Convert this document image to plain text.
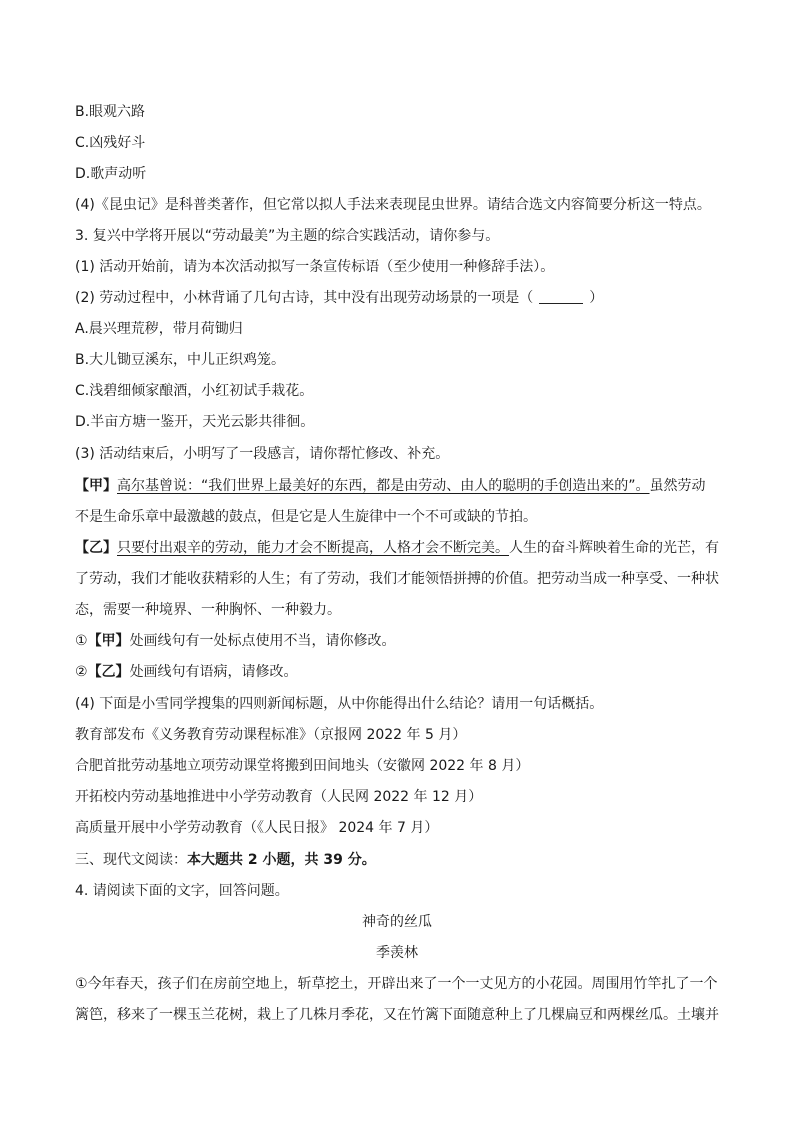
B.眼观六路
C.凶残好斗
D.歌声动听
(4)《昆虫记》是科普类著作，但它常以拟人手法来表现昆虫世界。请结合选文内容简要分析这一特点。
3. 复兴中学将开展以“劳动最美”为主题的综合实践活动，请你参与。
(1) 活动开始前，请为本次活动拟写一条宣传标语（至少使用一种修辞手法）。
(2) 劳动过程中，小林背诵了几句古诗，其中没有出现劳动场景的一项是（	）
A.晨兴理荒秽，带月荷锄归
B.大儿锄豆溪东，中儿正织鸡笼。
C.浅碧细倾家酿酒，小红初试手栽花。
D.半亩方塘一鉴开，天光云影共徘徊。
(3) 活动结束后，小明写了一段感言，请你帮忙修改、补充。
【甲】高尔基曾说：“我们世界上最美好的东西，都是由劳动、由人的聪明的手创造出来的”。虽然劳动
不是生命乐章中最激越的鼓点，但是它是人生旋律中一个不可或缺的节拍。
【乙】只要付出艰辛的劳动，能力才会不断提高，人格才会不断完美。人生的奋斗辉映着生命的光芒，有
了劳动，我们才能收获精彩的人生；有了劳动，我们才能领悟拼搏的价值。把劳动当成一种享受、一种状
态，需要一种境界、一种胸怀、一种毅力。
①【甲】处画线句有一处标点使用不当，请你修改。
②【乙】处画线句有语病，请修改。
(4) 下面是小雪同学搜集的四则新闻标题，从中你能得出什么结论？请用一句话概括。
教育部发布《义务教育劳动课程标准》（京报网 2022 年 5 月）
合肥首批劳动基地立项劳动课堂将搬到田间地头（安徽网 2022 年 8 月）
开拓校内劳动基地推进中小学劳动教育（人民网 2022 年 12 月）
高质量开展中小学劳动教育（《人民日报》 2024 年 7 月）
三、现代文阅读：本大题共 2 小题，共 39 分。
4. 请阅读下面的文字，回答问题。
神奇的丝瓜
季羡林
①今年春天，孩子们在房前空地上，斩草挖土，开辟出来了一个一丈见方的小花园。周围用竹竿扎了一个
篱笆，移来了一棵玉兰花树，栽上了几株月季花，又在竹篱下面随意种上了几棵扁豆和两棵丝瓜。土壤并
